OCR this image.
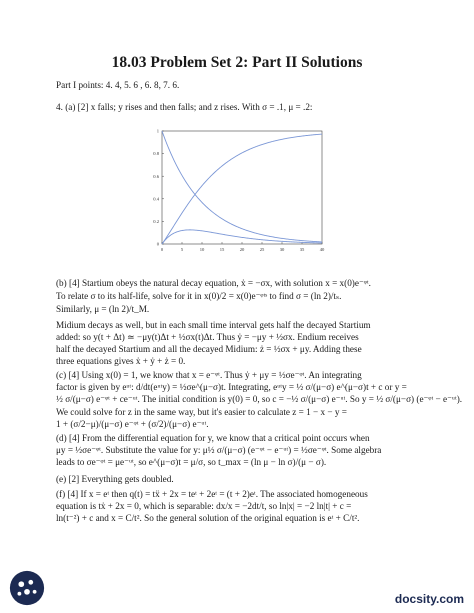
18.03 Problem Set 2: Part II Solutions
Part I points: 4. 4, 5. 6 , 6. 8, 7. 6.
4. (a) [2] x falls; y rises and then falls; and z rises. With σ = .1, μ = .2:
(b) [4] Startium obeys the natural decay equation, ẋ = −σx, with solution x = x(0)e⁻ᵠᵗ.
To relate σ to its half-life, solve for it in x(0)/2 = x(0)e⁻ᵠᵗˢ to find σ = (ln 2)/tₛ.
Similarly, μ = (ln 2)/t_M.
Midium decays as well, but in each small time interval gets half the decayed Startium
added: so y(t + Δt) ≃ −μy(t)Δt + ½σx(t)Δt. Thus ẏ = −μy + ½σx. Endium receives
half the decayed Startium and all the decayed Midium: ż = ½σx + μy. Adding these
three equations gives ẋ + ẏ + ż = 0.
(c) [4] Using x(0) = 1, we know that x = e⁻ᵠᵗ. Thus ẏ + μy = ½σe⁻ᵠᵗ. An integrating
factor is given by eᵘᵗ: d/dt(eᵘᵗy) = ½σe^(μ−σ)t. Integrating, eᵘᵗy = ½ σ/(μ−σ) e^(μ−σ)t + c or y =
½ σ/(μ−σ) e⁻ᵠᵗ + ce⁻ᵘᵗ. The initial condition is y(0) = 0, so c = −½ σ/(μ−σ) e⁻ᵘᵗ. So y = ½ σ/(μ−σ) (e⁻ᵠᵗ − e⁻ᵘᵗ).
We could solve for z in the same way, but it's easier to calculate z = 1 − x − y =
1 + (σ/2−μ)/(μ−σ) e⁻ᵠᵗ + (σ/2)/(μ−σ) e⁻ᵘᵗ.
(d) [4] From the differential equation for y, we know that a critical point occurs when
μy = ½σe⁻ᵠᵗ. Substitute the value for y: μ½ σ/(μ−σ) (e⁻ᵠᵗ − e⁻ᵘᵗ) = ½σe⁻ᵠᵗ. Some algebra
leads to σe⁻ᵠᵗ = μe⁻ᵘᵗ, so e^(μ−σ)t = μ/σ, so t_max = (ln μ − ln σ)/(μ − σ).
(e) [2] Everything gets doubled.
(f) [4] If x = eᵗ then q(t) = tẍ + 2x = teᵗ + 2eᵗ = (t + 2)eᵗ. The associated homogeneous
equation is tẋ + 2x = 0, which is separable: dx/x = −2dt/t, so ln|x| = −2 ln|t| + c =
ln(t⁻²) + c and x = C/t². So the general solution of the original equation is eᵗ + C/t².
0	5	10	15	20	25	30	35	40
0
0.2
0.4
0.6
0.8
1
docsity.com
